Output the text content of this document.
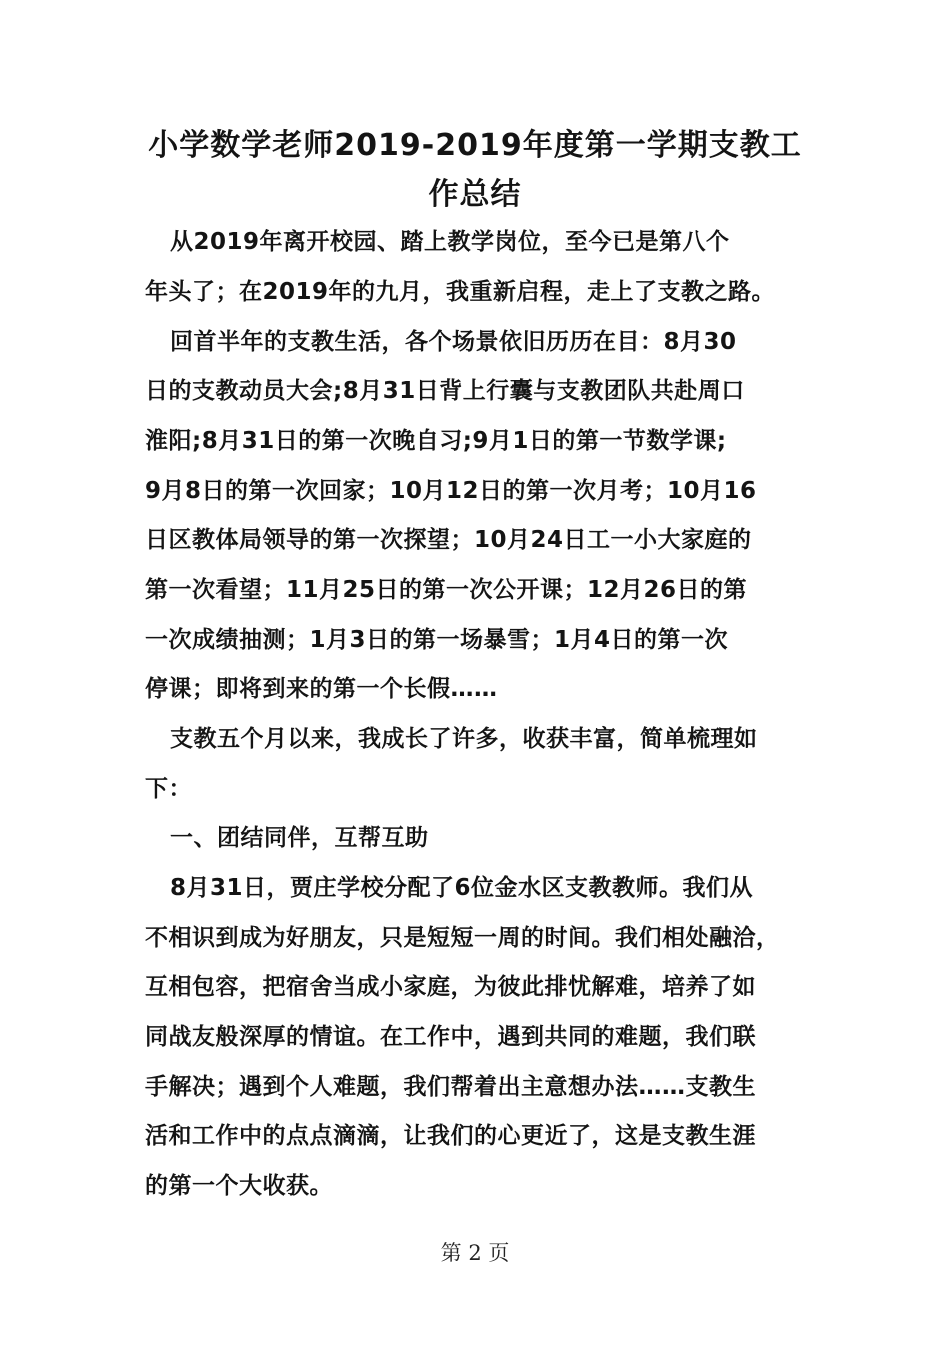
小学数学老师2019-2019年度第一学期支教工
作总结
从2019年离开校园、踏上教学岗位，至今已是第八个
年头了；在2019年的九月，我重新启程，走上了支教之路。
回首半年的支教生活，各个场景依旧历历在目：8月30
日的支教动员大会;8月31日背上行囊与支教团队共赴周口
淮阳;8月31日的第一次晚自习;9月1日的第一节数学课;
9月8日的第一次回家；10月12日的第一次月考；10月16
日区教体局领导的第一次探望；10月24日工一小大家庭的
第一次看望；11月25日的第一次公开课；12月26日的第
一次成绩抽测；1月3日的第一场暴雪；1月4日的第一次
停课；即将到来的第一个长假……
支教五个月以来，我成长了许多，收获丰富，简单梳理如
下：
一、团结同伴，互帮互助
8月31日，贾庄学校分配了6位金水区支教教师。我们从
不相识到成为好朋友，只是短短一周的时间。我们相处融洽，
互相包容，把宿舍当成小家庭，为彼此排忧解难，培养了如
同战友般深厚的情谊。在工作中，遇到共同的难题，我们联
手解决；遇到个人难题，我们帮着出主意想办法……支教生
活和工作中的点点滴滴，让我们的心更近了，这是支教生涯
的第一个大收获。
第 2 页
